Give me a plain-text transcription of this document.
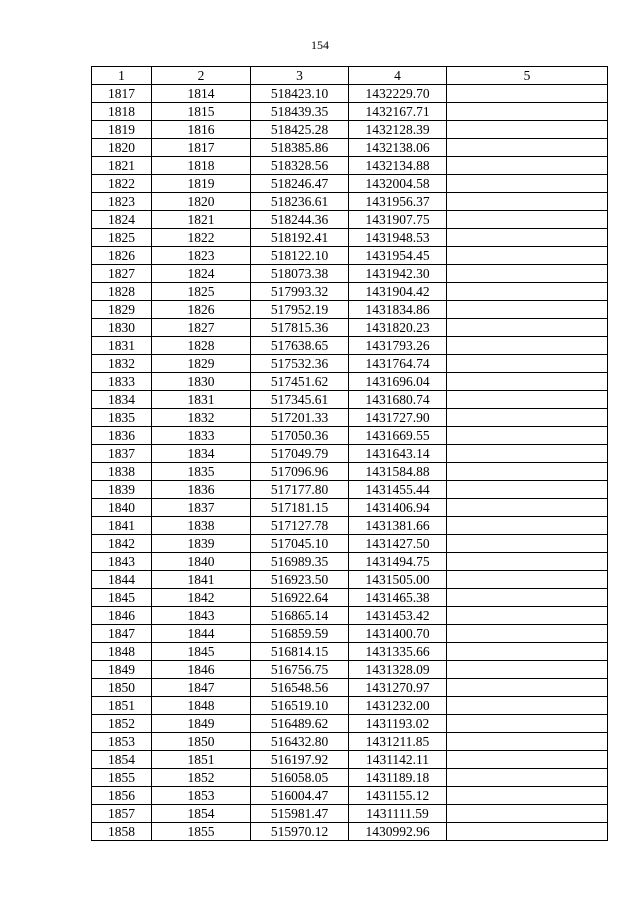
154
1	2	3	4	5
1817	1814	518423.10	1432229.70	
1818	1815	518439.35	1432167.71	
1819	1816	518425.28	1432128.39	
1820	1817	518385.86	1432138.06	
1821	1818	518328.56	1432134.88	
1822	1819	518246.47	1432004.58	
1823	1820	518236.61	1431956.37	
1824	1821	518244.36	1431907.75	
1825	1822	518192.41	1431948.53	
1826	1823	518122.10	1431954.45	
1827	1824	518073.38	1431942.30	
1828	1825	517993.32	1431904.42	
1829	1826	517952.19	1431834.86	
1830	1827	517815.36	1431820.23	
1831	1828	517638.65	1431793.26	
1832	1829	517532.36	1431764.74	
1833	1830	517451.62	1431696.04	
1834	1831	517345.61	1431680.74	
1835	1832	517201.33	1431727.90	
1836	1833	517050.36	1431669.55	
1837	1834	517049.79	1431643.14	
1838	1835	517096.96	1431584.88	
1839	1836	517177.80	1431455.44	
1840	1837	517181.15	1431406.94	
1841	1838	517127.78	1431381.66	
1842	1839	517045.10	1431427.50	
1843	1840	516989.35	1431494.75	
1844	1841	516923.50	1431505.00	
1845	1842	516922.64	1431465.38	
1846	1843	516865.14	1431453.42	
1847	1844	516859.59	1431400.70	
1848	1845	516814.15	1431335.66	
1849	1846	516756.75	1431328.09	
1850	1847	516548.56	1431270.97	
1851	1848	516519.10	1431232.00	
1852	1849	516489.62	1431193.02	
1853	1850	516432.80	1431211.85	
1854	1851	516197.92	1431142.11	
1855	1852	516058.05	1431189.18	
1856	1853	516004.47	1431155.12	
1857	1854	515981.47	1431111.59	
1858	1855	515970.12	1430992.96	
